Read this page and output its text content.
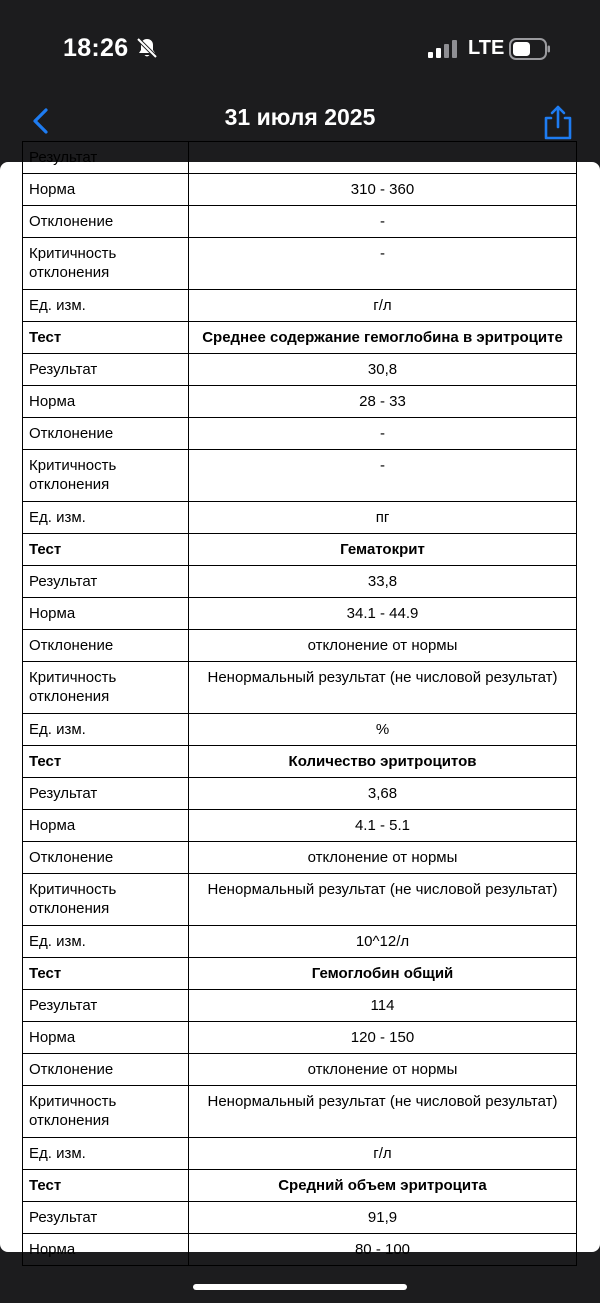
18:26	LTE
31 июля 2025
Результат	
Норма	310 - 360
Отклонение	-
Критичность отклонения	-
Ед. изм.	г/л
Тест	Среднее содержание гемоглобина в эритроците
Результат	30,8
Норма	28 - 33
Отклонение	-
Критичность отклонения	-
Ед. изм.	пг
Тест	Гематокрит
Результат	33,8
Норма	34.1 - 44.9
Отклонение	отклонение от нормы
Критичность отклонения	Ненормальный результат (не числовой результат)
Ед. изм.	%
Тест	Количество эритроцитов
Результат	3,68
Норма	4.1 - 5.1
Отклонение	отклонение от нормы
Критичность отклонения	Ненормальный результат (не числовой результат)
Ед. изм.	10^12/л
Тест	Гемоглобин общий
Результат	114
Норма	120 - 150
Отклонение	отклонение от нормы
Критичность отклонения	Ненормальный результат (не числовой результат)
Ед. изм.	г/л
Тест	Средний объем эритроцита
Результат	91,9
Норма	80 - 100
